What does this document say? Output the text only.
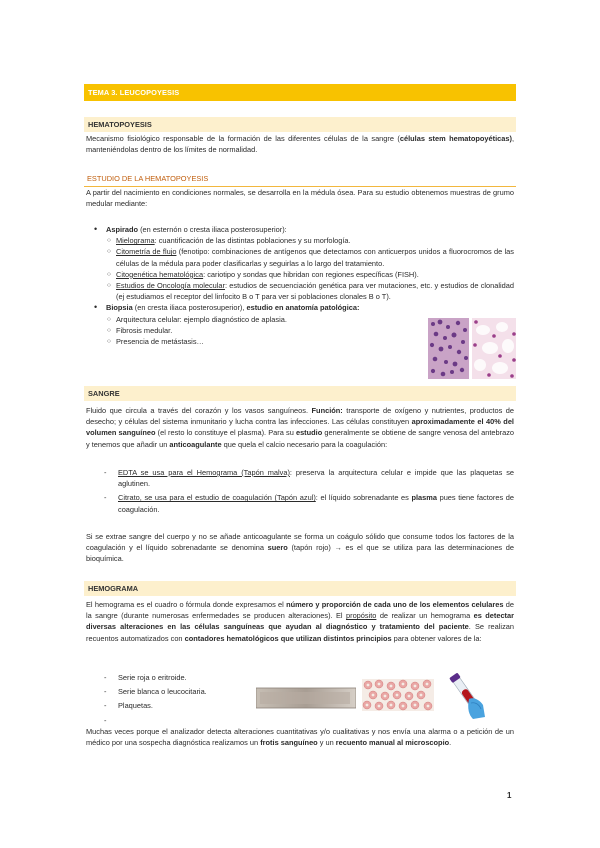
TEMA 3. LEUCOPOYESIS
HEMATOPOYESIS
Mecanismo fisiológico responsable de la formación de las diferentes células de la sangre (células stem hematopoyéticas), manteniéndolas dentro de los límites de normalidad.
ESTUDIO DE LA HEMATOPOYESIS
A partir del nacimiento en condiciones normales, se desarrolla en la médula ósea. Para su estudio obtenemos muestras de grumo medular mediante:
• Aspirado (en esternón o cresta iliaca posterosuperior):
○ Mielograma: cuantificación de las distintas poblaciones y su morfología.
○ Citometría de flujo (fenotipo: combinaciones de antígenos que detectamos con anticuerpos unidos a fluorocromos de las células de la médula para poder clasificarlas y seguirlas a lo largo del tratamiento.
○ Citogenética hematológica: cariotipo y sondas que hibridan con regiones específicas (FISH).
○ Estudios de Oncología molecular: estudios de secuenciación genética para ver mutaciones, etc. y estudios de clonalidad (ej estudiamos el receptor del linfocito B o T para ver si poblaciones clonales B o T).
• Biopsia (en cresta iliaca posterosuperior), estudio en anatomía patológica:
○ Arquitectura celular: ejemplo diagnóstico de aplasia.
○ Fibrosis medular.
○ Presencia de metástasis…
SANGRE
Fluido que circula a través del corazón y los vasos sanguíneos. Función: transporte de oxígeno y nutrientes, productos de desecho; y células del sistema inmunitario y lucha contra las infecciones. Las células constituyen aproximadamente el 40% del volumen sanguíneo (el resto lo constituye el plasma). Para su estudio generalmente se obtiene de sangre venosa del antebrazo y tenemos que añadir un anticoagulante que quela el calcio necesario para la coagulación:
- EDTA se usa para el Hemograma (Tapón malva): preserva la arquitectura celular e impide que las plaquetas se aglutinen.
- Citrato, se usa para el estudio de coagulación (Tapón azul): el líquido sobrenadante es plasma pues tiene factores de coagulación.
Si se extrae sangre del cuerpo y no se añade anticoagulante se forma un coágulo sólido que consume todos los factores de la coagulación y el líquido sobrenadante se denomina suero (tapón rojo) → es el que se utiliza para las determinaciones de bioquímica.
HEMOGRAMA
El hemograma es el cuadro o fórmula donde expresamos el número y proporción de cada uno de los elementos celulares de la sangre (durante numerosas enfermedades se producen alteraciones). El propósito de realizar un hemograma es detectar diversas alteraciones en las células sanguíneas que ayudan al diagnóstico y tratamiento del paciente. Se realizan recuentos automatizados con contadores hematológicos que utilizan distintos principios para obtener valores de la:
- Serie roja o eritroide.
- Serie blanca o leucocitaria.
- Plaquetas.
-
Muchas veces porque el analizador detecta alteraciones cuantitativas y/o cualitativas y nos envía una alarma o a petición de un médico por una sospecha diagnóstica realizamos un frotis sanguíneo y un recuento manual al microscopio.
1
